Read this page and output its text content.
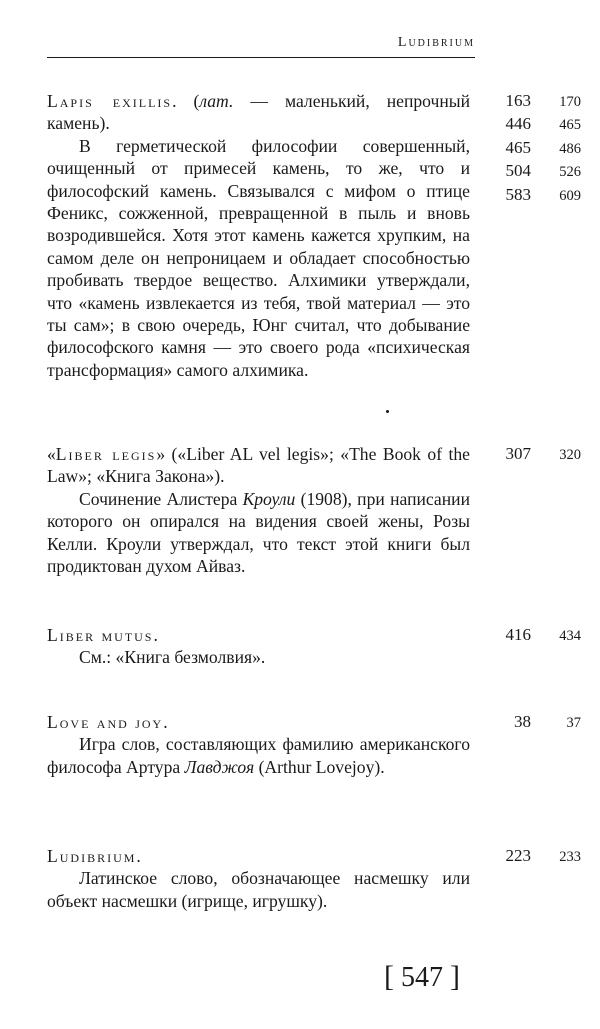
Ludibrium

Lapis exillis. (лат. — маленький, непрочный камень).

В герметической философии совершенный, очищенный от примесей камень, то же, что и философский камень. Связывался с мифом о птице Феникс, сожженной, превращенной в пыль и вновь возродившейся. Хотя этот камень кажется хрупким, на самом деле он непроницаем и обладает способностью пробивать твердое вещество. Алхимики утверждали, что «камень извлекается из тебя, твой материал — это ты сам»; в свою очередь, Юнг считал, что добывание философского камня — это своего рода «психическая трансформация» самого алхимика.

163 170
446 465
465 486
504 526
583 609

«Liber legis» («Liber AL vel legis»; «The Book of the Law»; «Книга Закона»).

Сочинение Алистера Кроули (1908), при написании которого он опирался на видения своей жены, Розы Келли. Кроули утверждал, что текст этой книги был продиктован духом Айваз.

307 320

Liber mutus.

См.: «Книга безмолвия».

416 434

Love and joy.

Игра слов, составляющих фамилию американского философа Артура Лавджоя (Arthur Lovejoy).

38 37

Ludibrium.

Латинское слово, обозначающее насмешку или объект насмешки (игрище, игрушку).

223 233
[ 547 ]
